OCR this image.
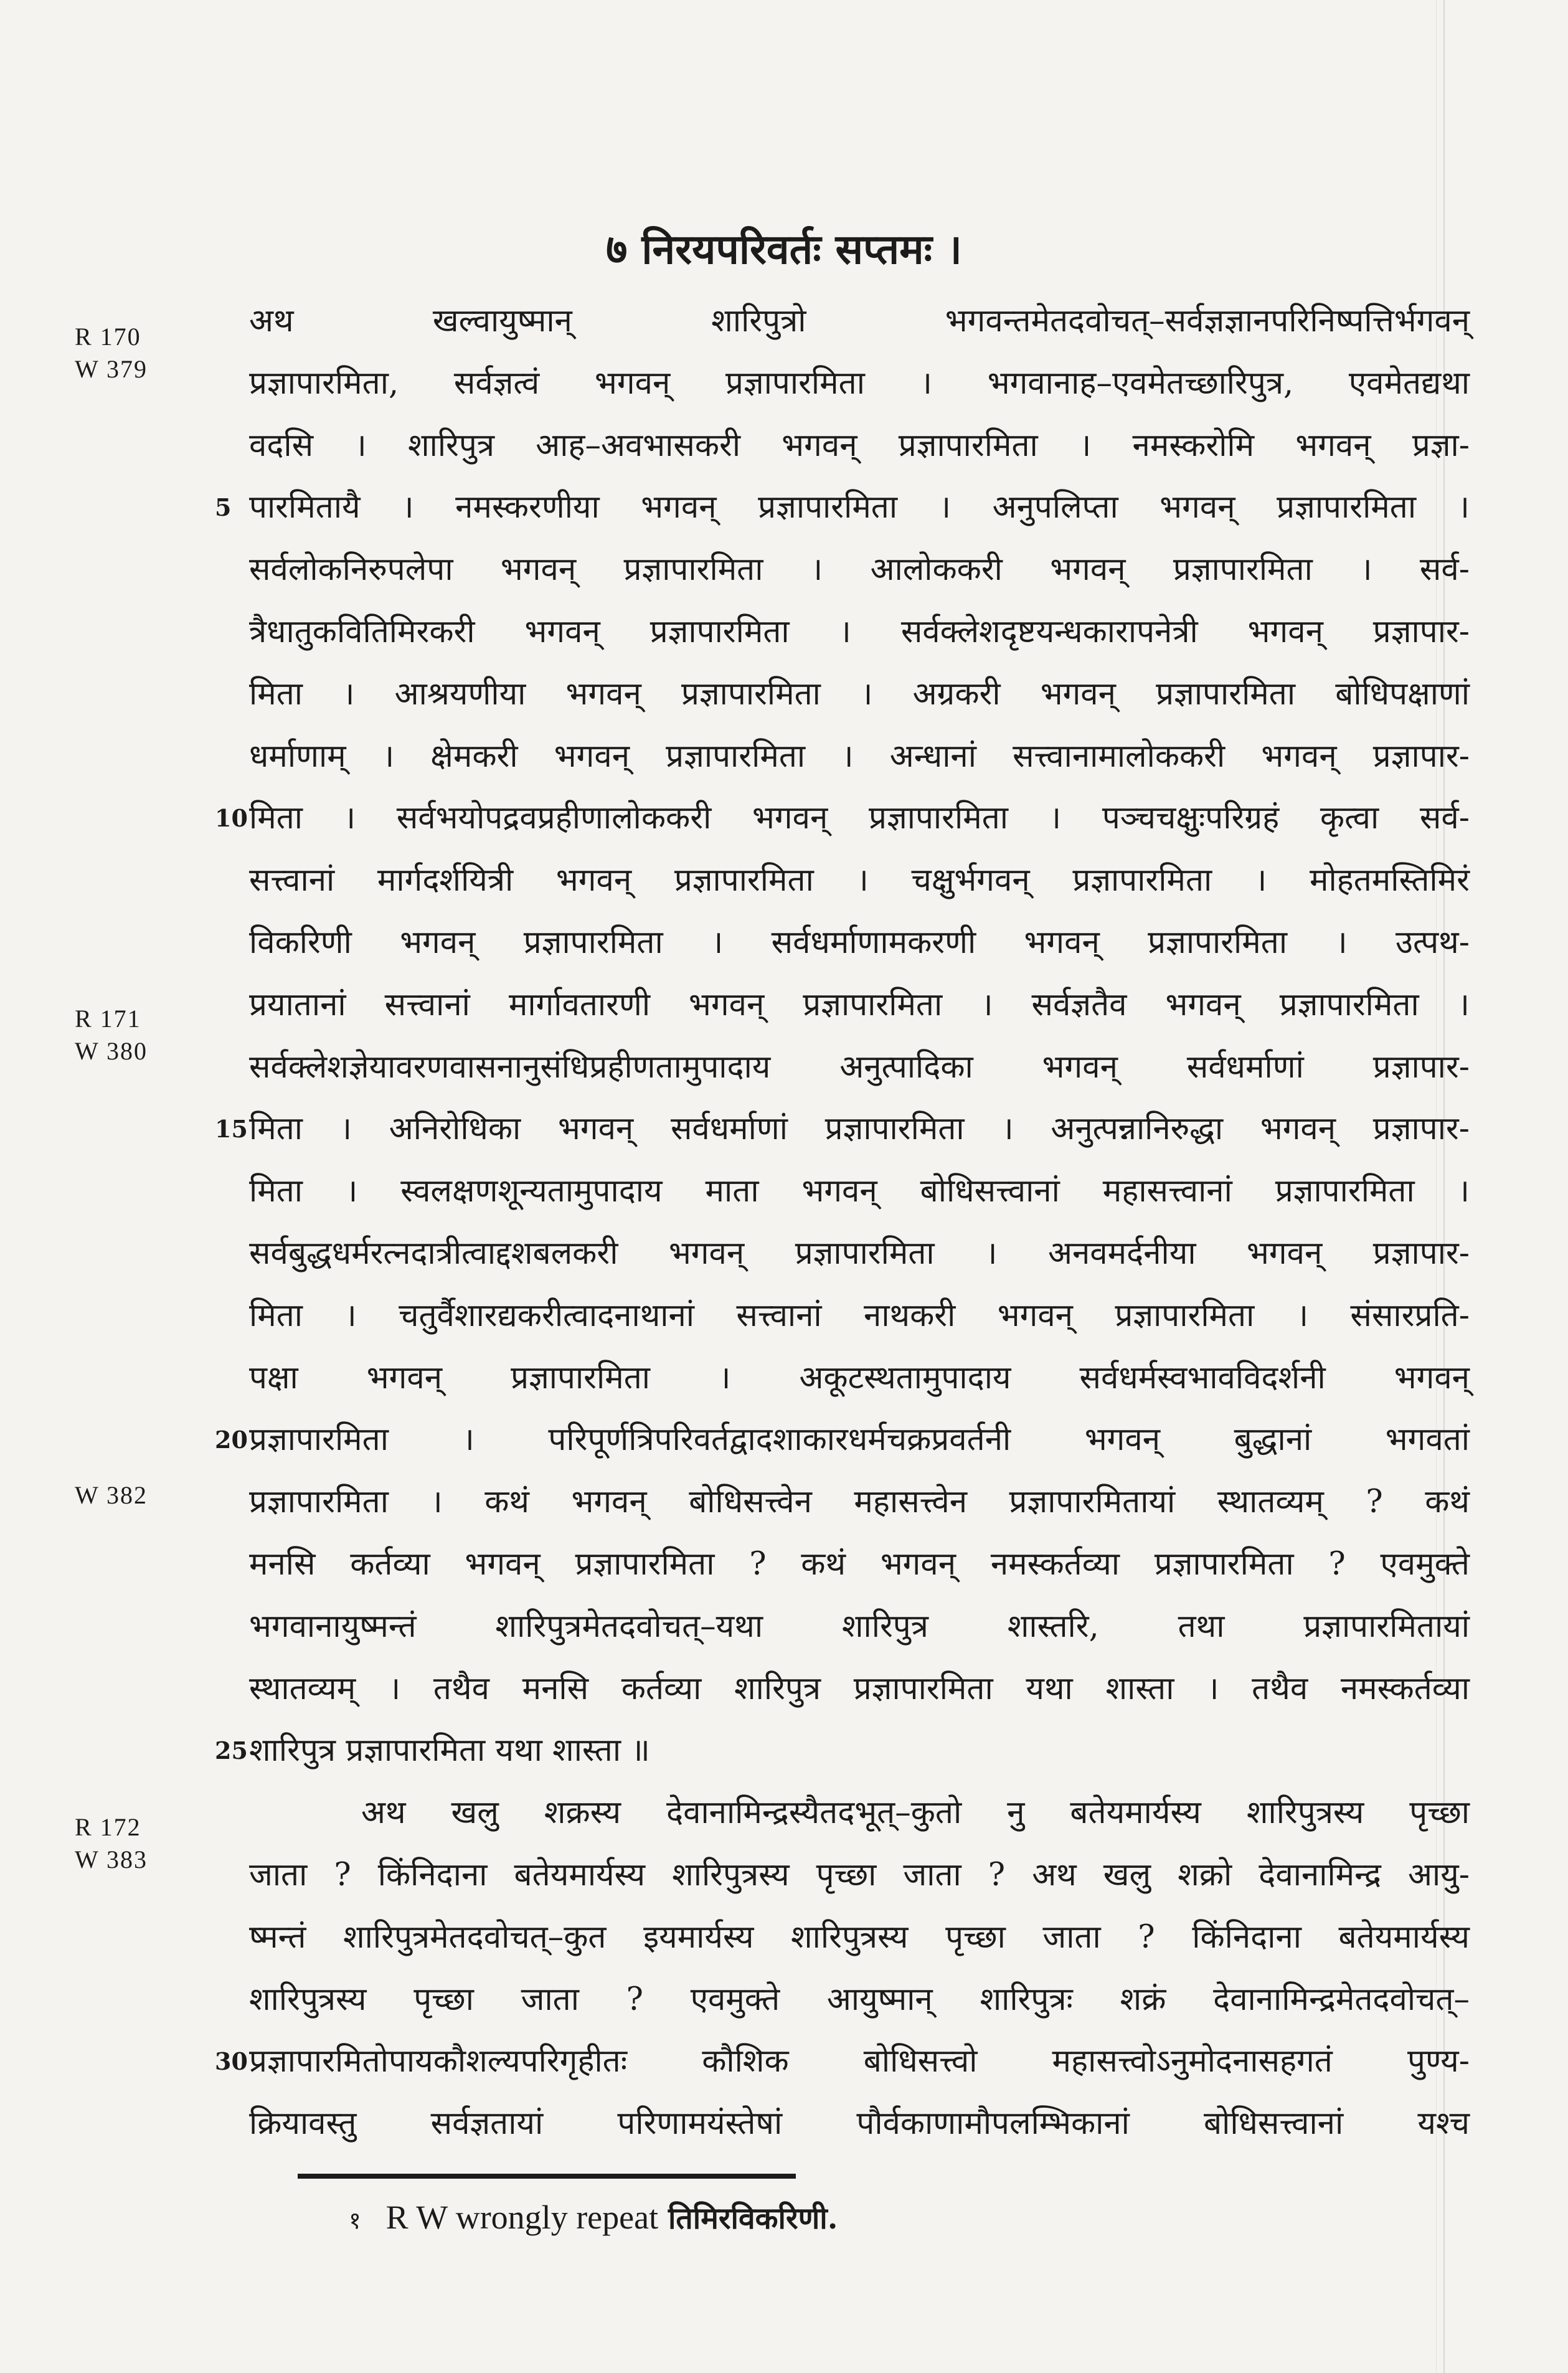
७ निरयपरिवर्तः सप्तमः ।
R 170
W 379
R 171
W 380
W 382
R 172
W 383
अथ खल्वायुष्मान् शारिपुत्रो भगवन्तमेतदवोचत्–सर्वज्ञज्ञानपरिनिष्पत्तिर्भगवन्
प्रज्ञापारमिता, सर्वज्ञत्वं भगवन् प्रज्ञापारमिता । भगवानाह–एवमेतच्छारिपुत्र, एवमेतद्यथा
वदसि । शारिपुत्र आह–अवभासकरी भगवन् प्रज्ञापारमिता । नमस्करोमि भगवन् प्रज्ञा-
5 पारमितायै । नमस्करणीया भगवन् प्रज्ञापारमिता । अनुपलिप्ता भगवन् प्रज्ञापारमिता ।
सर्वलोकनिरुपलेपा भगवन् प्रज्ञापारमिता । आलोककरी भगवन् प्रज्ञापारमिता । सर्व-
त्रैधातुकवितिमिरकरी भगवन् प्रज्ञापारमिता । सर्वक्लेशदृष्टयन्धकारापनेत्री भगवन् प्रज्ञापार-
मिता । आश्रयणीया भगवन् प्रज्ञापारमिता । अग्रकरी भगवन् प्रज्ञापारमिता बोधिपक्षाणां
धर्माणाम् । क्षेमकरी भगवन् प्रज्ञापारमिता । अन्धानां सत्त्वानामालोककरी भगवन् प्रज्ञापार-
10 मिता । सर्वभयोपद्रवप्रहीणालोककरी भगवन् प्रज्ञापारमिता । पञ्चचक्षुःपरिग्रहं कृत्वा सर्व-
सत्त्वानां मार्गदर्शयित्री भगवन् प्रज्ञापारमिता । चक्षुर्भगवन् प्रज्ञापारमिता । मोहतमस्तिमिरं
विकरिणी भगवन् प्रज्ञापारमिता । सर्वधर्माणामकरणी भगवन् प्रज्ञापारमिता । उत्पथ-
प्रयातानां सत्त्वानां मार्गावतारणी भगवन् प्रज्ञापारमिता । सर्वज्ञतैव भगवन् प्रज्ञापारमिता ।
सर्वक्लेशज्ञेयावरणवासनानुसंधिप्रहीणतामुपादाय अनुत्पादिका भगवन् सर्वधर्माणां प्रज्ञापार-
15 मिता । अनिरोधिका भगवन् सर्वधर्माणां प्रज्ञापारमिता । अनुत्पन्नानिरुद्धा भगवन् प्रज्ञापार-
मिता । स्वलक्षणशून्यतामुपादाय माता भगवन् बोधिसत्त्वानां महासत्त्वानां प्रज्ञापारमिता ।
सर्वबुद्धधर्मरत्नदात्रीत्वाद्दशबलकरी भगवन् प्रज्ञापारमिता । अनवमर्दनीया भगवन् प्रज्ञापार-
मिता । चतुर्वैशारद्यकरीत्वादनाथानां सत्त्वानां नाथकरी भगवन् प्रज्ञापारमिता । संसारप्रति-
पक्षा भगवन् प्रज्ञापारमिता । अकूटस्थतामुपादाय सर्वधर्मस्वभावविदर्शनी भगवन्
20 प्रज्ञापारमिता । परिपूर्णत्रिपरिवर्तद्वादशाकारधर्मचक्रप्रवर्तनी भगवन् बुद्धानां भगवतां
प्रज्ञापारमिता । कथं भगवन् बोधिसत्त्वेन महासत्त्वेन प्रज्ञापारमितायां स्थातव्यम् ? कथं
मनसि कर्तव्या भगवन् प्रज्ञापारमिता ? कथं भगवन् नमस्कर्तव्या प्रज्ञापारमिता ? एवमुक्ते
भगवानायुष्मन्तं शारिपुत्रमेतदवोचत्–यथा शारिपुत्र शास्तरि, तथा प्रज्ञापारमितायां
स्थातव्यम् । तथैव मनसि कर्तव्या शारिपुत्र प्रज्ञापारमिता यथा शास्ता । तथैव नमस्कर्तव्या
25 शारिपुत्र प्रज्ञापारमिता यथा शास्ता ॥
अथ खलु शक्रस्य देवानामिन्द्रस्यैतदभूत्–कुतो नु बतेयमार्यस्य शारिपुत्रस्य पृच्छा
जाता ? किंनिदाना बतेयमार्यस्य शारिपुत्रस्य पृच्छा जाता ? अथ खलु शक्रो देवानामिन्द्र आयु-
ष्मन्तं शारिपुत्रमेतदवोचत्–कुत इयमार्यस्य शारिपुत्रस्य पृच्छा जाता ? किंनिदाना बतेयमार्यस्य
शारिपुत्रस्य पृच्छा जाता ? एवमुक्ते आयुष्मान् शारिपुत्रः शक्रं देवानामिन्द्रमेतदवोचत्–
30 प्रज्ञापारमितोपायकौशल्यपरिगृहीतः कौशिक बोधिसत्त्वो महासत्त्वोऽनुमोदनासहगतं पुण्य-
क्रियावस्तु सर्वज्ञतायां परिणामयंस्तेषां पौर्वकाणामौपलम्भिकानां बोधिसत्त्वानां यश्च
१ R W wrongly repeat तिमिरविकरिणी.
